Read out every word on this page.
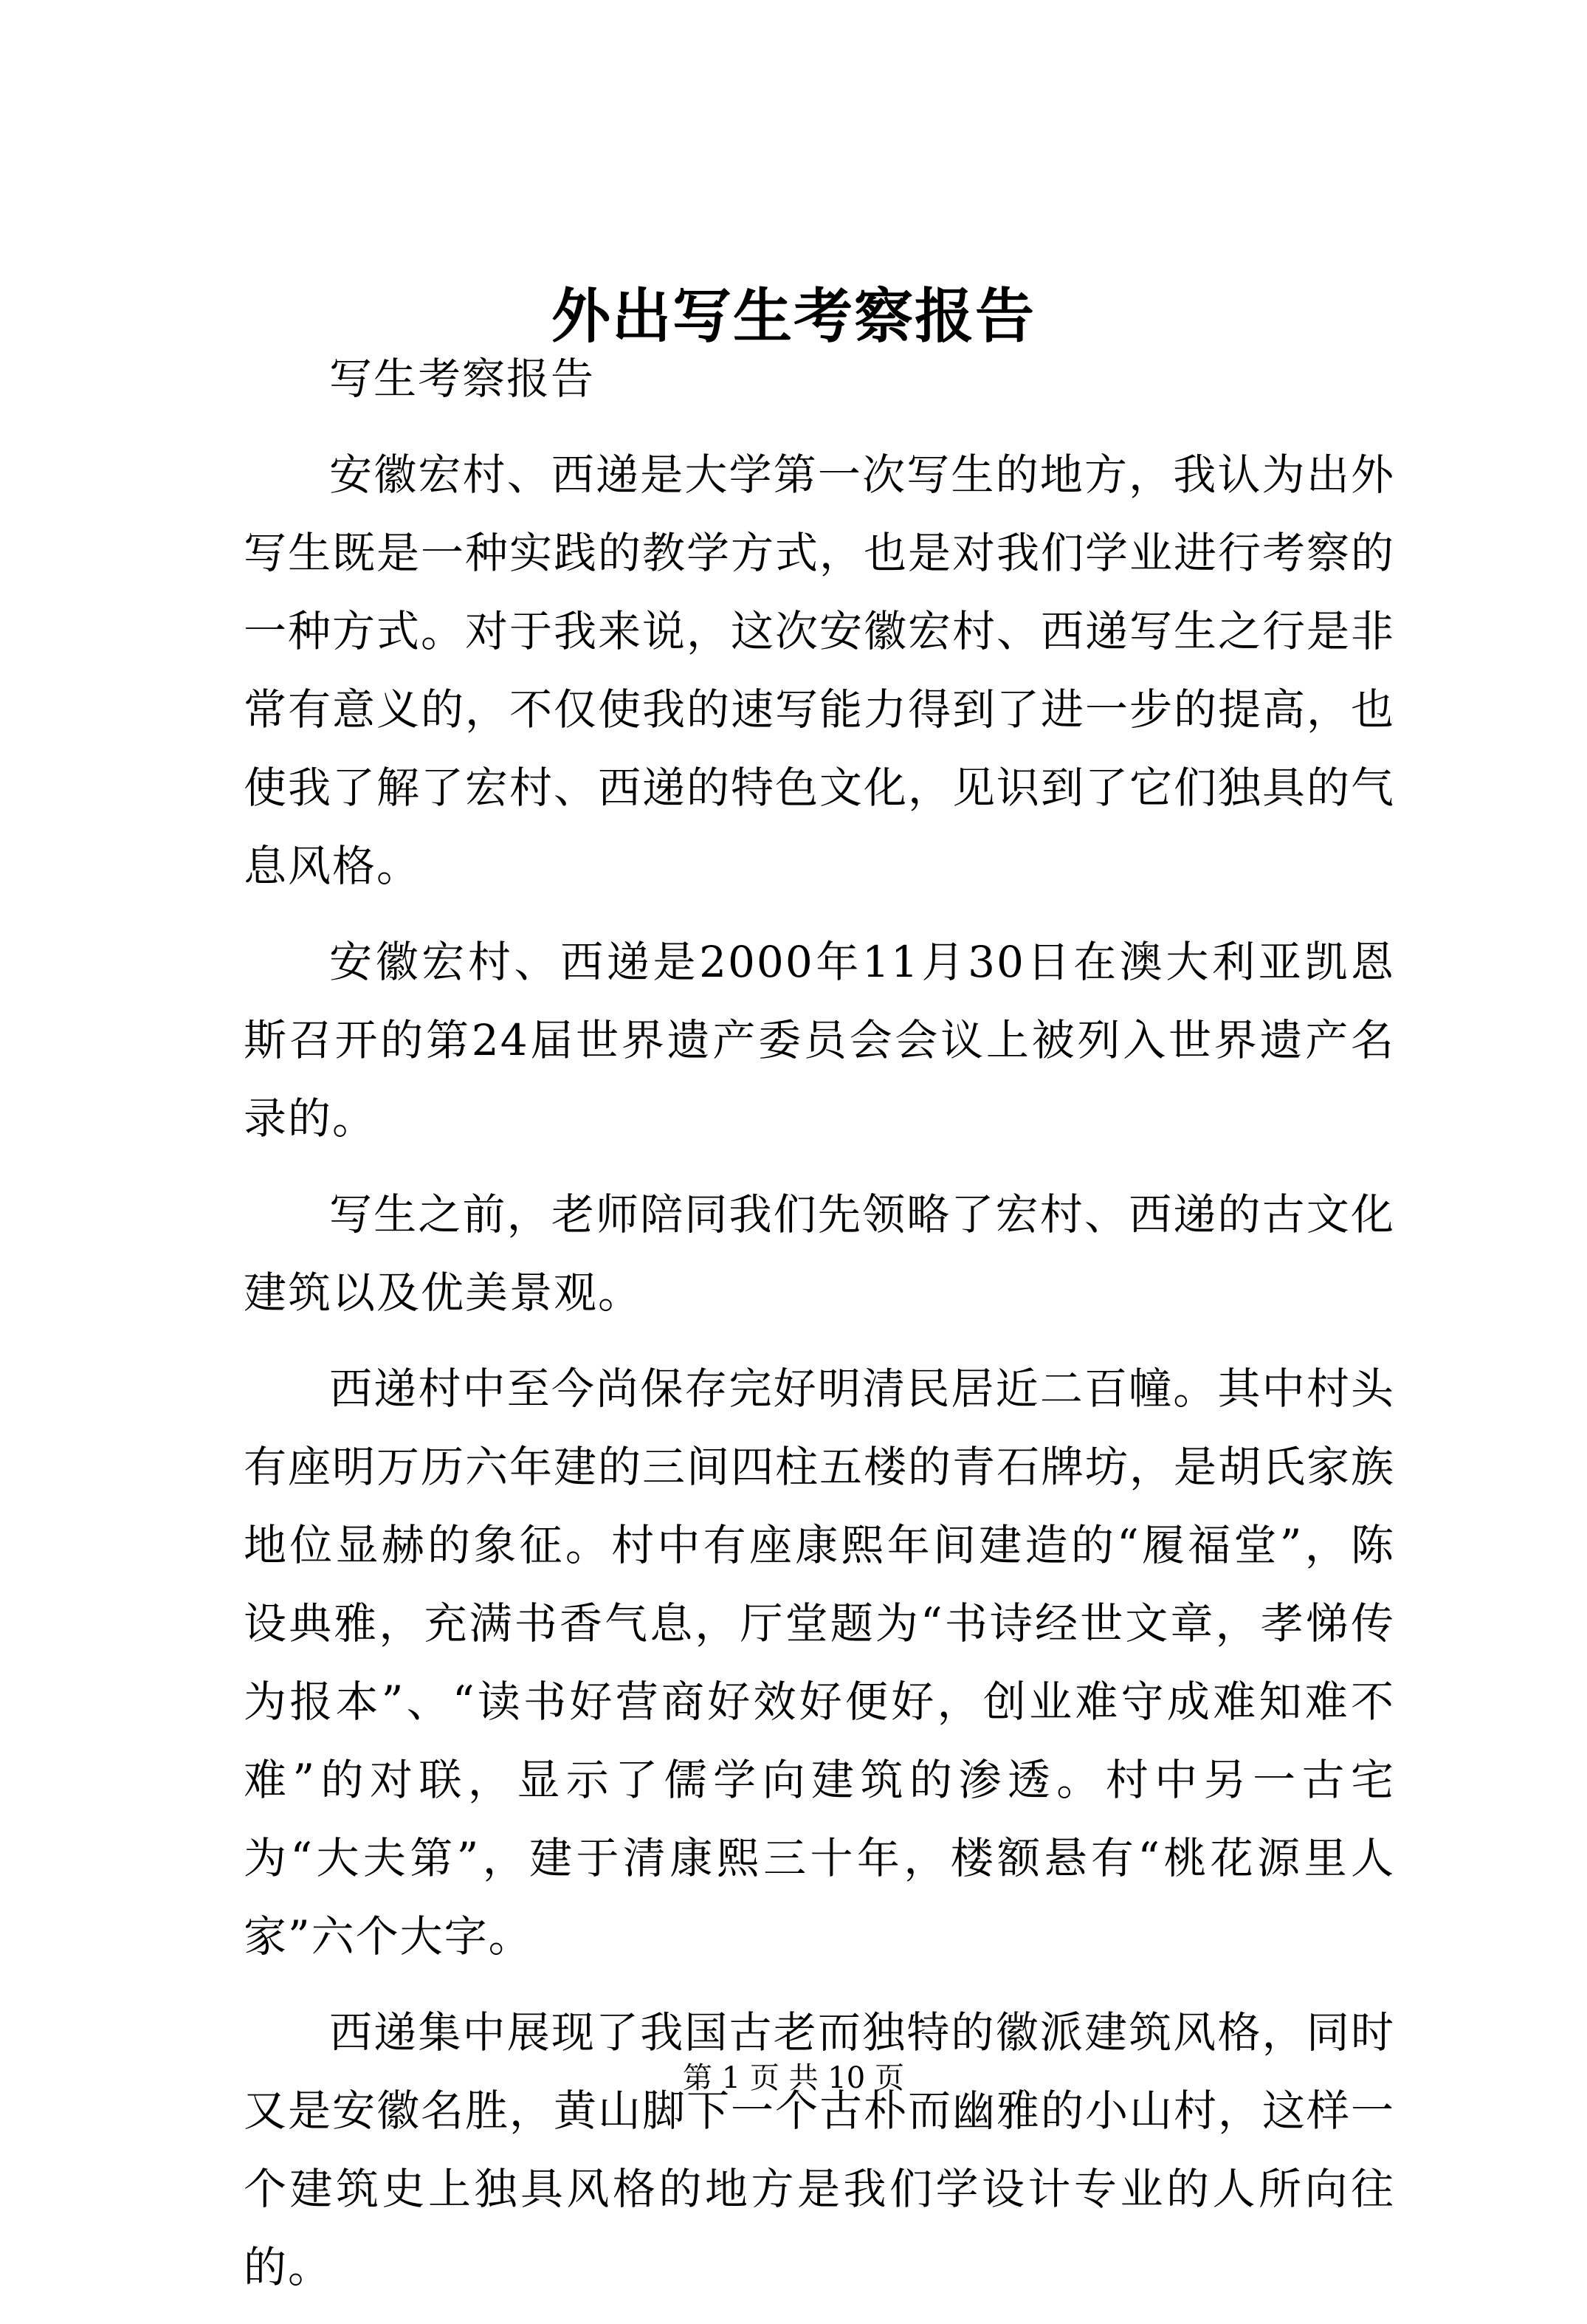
外出写生考察报告

写生考察报告

安徽宏村、西递是大学第一次写生的地方，我认为出外写生既是一种实践的教学方式，也是对我们学业进行考察的一种方式。对于我来说，这次安徽宏村、西递写生之行是非常有意义的，不仅使我的速写能力得到了进一步的提高，也使我了解了宏村、西递的特色文化，见识到了它们独具的气息风格。

安徽宏村、西递是2000年11月30日在澳大利亚凯恩斯召开的第24届世界遗产委员会会议上被列入世界遗产名录的。

写生之前，老师陪同我们先领略了宏村、西递的古文化建筑以及优美景观。

西递村中至今尚保存完好明清民居近二百幢。其中村头有座明万历六年建的三间四柱五楼的青石牌坊，是胡氏家族地位显赫的象征。村中有座康熙年间建造的“履福堂”，陈设典雅，充满书香气息，厅堂题为“书诗经世文章，孝悌传为报本”、“读书好营商好效好便好，创业难守成难知难不难”的对联，显示了儒学向建筑的渗透。村中另一古宅为“大夫第”，建于清康熙三十年，楼额悬有“桃花源里人家”六个大字。

西递集中展现了我国古老而独特的徽派建筑风格，同时又是安徽名胜，黄山脚下一个古朴而幽雅的小山村，这样一个建筑史上独具风格的地方是我们学设计专业的人所向往的。

第 1 页 共 10 页
